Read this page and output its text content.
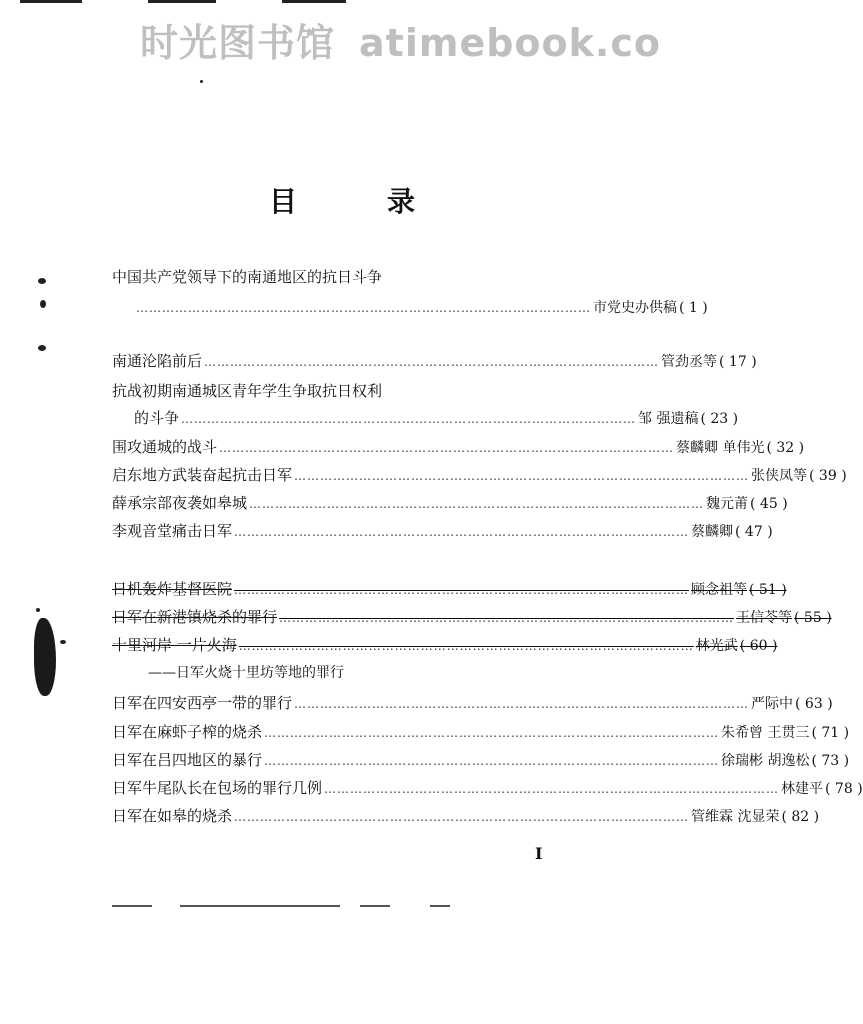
时光图书馆 atimebook.co
目	录
中国共产党领导下的南通地区的抗日斗争
…………………………………………………………………………………………… 市党史办供稿 ( 1 )
南通沦陷前后 …………………………………………………………………………………………… 管劲丞等 ( 17 )
抗战初期南通城区青年学生争取抗日权利
的斗争 …………………………………………………………………………………………… 邹 强遗稿 ( 23 )
围攻通城的战斗 …………………………………………………………………………………………… 蔡麟卿 单伟光 ( 32 )
启东地方武装奋起抗击日军 …………………………………………………………………………………………… 张侠凤等 ( 39 )
薛承宗部夜袭如皋城 …………………………………………………………………………………………… 魏元莆 ( 45 )
李观音堂痛击日军 …………………………………………………………………………………………… 蔡麟卿 ( 47 )
日机轰炸基督医院 …………………………………………………………………………………………… 顾念祖等 ( 51 )
日军在新港镇烧杀的罪行 …………………………………………………………………………………………… 王信苓等 ( 55 )
十里河岸 一片火海 …………………………………………………………………………………………… 林光武 ( 60 )
——日军火烧十里坊等地的罪行
日军在四安西亭一带的罪行 …………………………………………………………………………………………… 严际中 ( 63 )
日军在麻虾子榨的烧杀 …………………………………………………………………………………………… 朱希曾 王贯三 ( 71 )
日军在吕四地区的暴行 …………………………………………………………………………………………… 徐瑞彬 胡逸松 ( 73 )
日军牛尾队长在包场的罪行几例 …………………………………………………………………………………………… 林建平 ( 78 )
日军在如皋的烧杀 …………………………………………………………………………………………… 管维霖 沈显荣 ( 82 )
I
